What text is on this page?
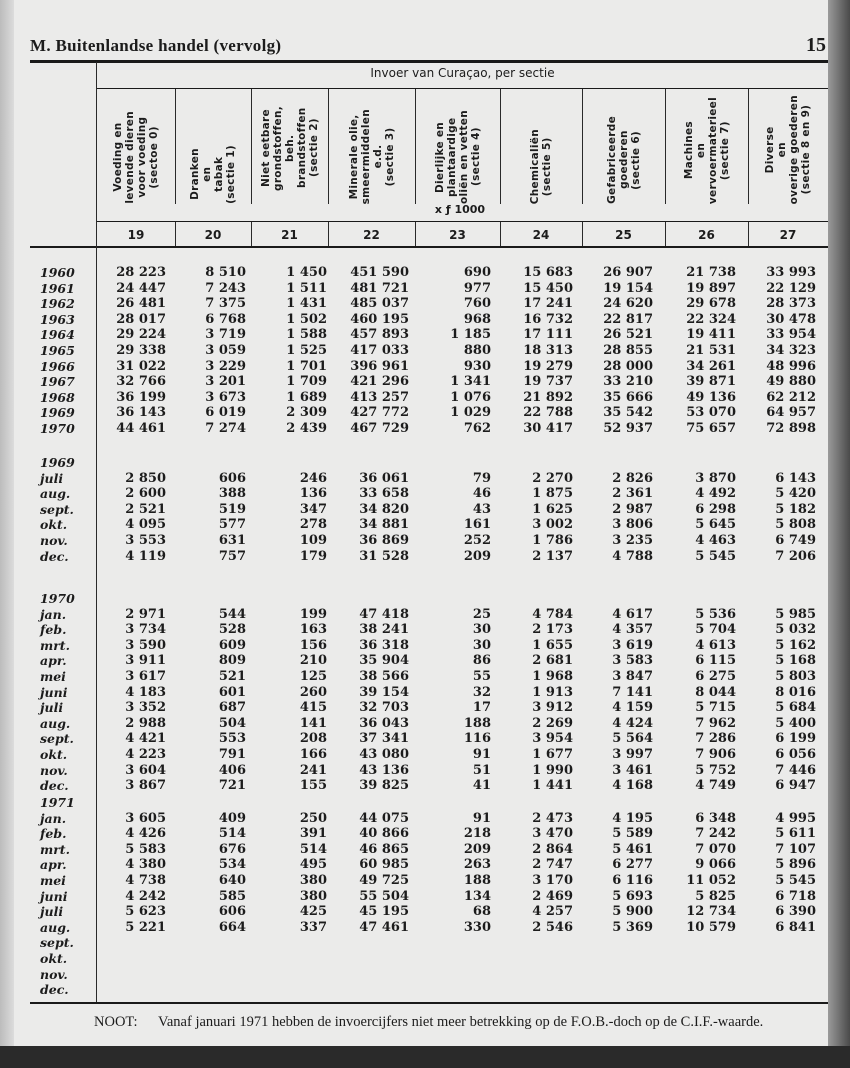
M. Buitenlandse handel (vervolg)	15
Invoer van Curaçao, per sectie
x ƒ 1000
Voeding en
levende dieren
voor voeding
(sectoe 0)
19
Dranken
en
tabak
(sectie 1)
20
Niet eetbare
grondstoffen, beh.
brandstoffen
(sectie 2)
21
Minerale olie,
smeermiddelen
e.d.
(sectie 3)
22
Dierlijke en
plantaardige
oliën en vetten
(sectie 4)
23
Chemicaliën
(sectie 5)
24
Gefabriceerde
goederen
(sectie 6)
25
Machines
en
vervoermaterieel
(sectie 7)
26
Diverse
en
overige goederen
(sectie 8 en 9)
27
1960	28 223	8 510	1 450	451 590	690	15 683	26 907	21 738	33 993
1961	24 447	7 243	1 511	481 721	977	15 450	19 154	19 897	22 129
1962	26 481	7 375	1 431	485 037	760	17 241	24 620	29 678	28 373
1963	28 017	6 768	1 502	460 195	968	16 732	22 817	22 324	30 478
1964	29 224	3 719	1 588	457 893	1 185	17 111	26 521	19 411	33 954
1965	29 338	3 059	1 525	417 033	880	18 313	28 855	21 531	34 323
1966	31 022	3 229	1 701	396 961	930	19 279	28 000	34 261	48 996
1967	32 766	3 201	1 709	421 296	1 341	19 737	33 210	39 871	49 880
1968	36 199	3 673	1 689	413 257	1 076	21 892	35 666	49 136	62 212
1969	36 143	6 019	2 309	427 772	1 029	22 788	35 542	53 070	64 957
1970	44 461	7 274	2 439	467 729	762	30 417	52 937	75 657	72 898
1969
juli	2 850	606	246	36 061	79	2 270	2 826	3 870	6 143
aug.	2 600	388	136	33 658	46	1 875	2 361	4 492	5 420
sept.	2 521	519	347	34 820	43	1 625	2 987	6 298	5 182
okt.	4 095	577	278	34 881	161	3 002	3 806	5 645	5 808
nov.	3 553	631	109	36 869	252	1 786	3 235	4 463	6 749
dec.	4 119	757	179	31 528	209	2 137	4 788	5 545	7 206
1970
jan.	2 971	544	199	47 418	25	4 784	4 617	5 536	5 985
feb.	3 734	528	163	38 241	30	2 173	4 357	5 704	5 032
mrt.	3 590	609	156	36 318	30	1 655	3 619	4 613	5 162
apr.	3 911	809	210	35 904	86	2 681	3 583	6 115	5 168
mei	3 617	521	125	38 566	55	1 968	3 847	6 275	5 803
juni	4 183	601	260	39 154	32	1 913	7 141	8 044	8 016
juli	3 352	687	415	32 703	17	3 912	4 159	5 715	5 684
aug.	2 988	504	141	36 043	188	2 269	4 424	7 962	5 400
sept.	4 421	553	208	37 341	116	3 954	5 564	7 286	6 199
okt.	4 223	791	166	43 080	91	1 677	3 997	7 906	6 056
nov.	3 604	406	241	43 136	51	1 990	3 461	5 752	7 446
dec.	3 867	721	155	39 825	41	1 441	4 168	4 749	6 947
1971
jan.	3 605	409	250	44 075	91	2 473	4 195	6 348	4 995
feb.	4 426	514	391	40 866	218	3 470	5 589	7 242	5 611
mrt.	5 583	676	514	46 865	209	2 864	5 461	7 070	7 107
apr.	4 380	534	495	60 985	263	2 747	6 277	9 066	5 896
mei	4 738	640	380	49 725	188	3 170	6 116	11 052	5 545
juni	4 242	585	380	55 504	134	2 469	5 693	5 825	6 718
juli	5 623	606	425	45 195	68	4 257	5 900	12 734	6 390
aug.	5 221	664	337	47 461	330	2 546	5 369	10 579	6 841
sept.
okt.
nov.
dec.
NOOT: Vanaf januari 1971 hebben de invoercijfers niet meer betrekking op de F.O.B.-doch op de C.I.F.-waarde.
